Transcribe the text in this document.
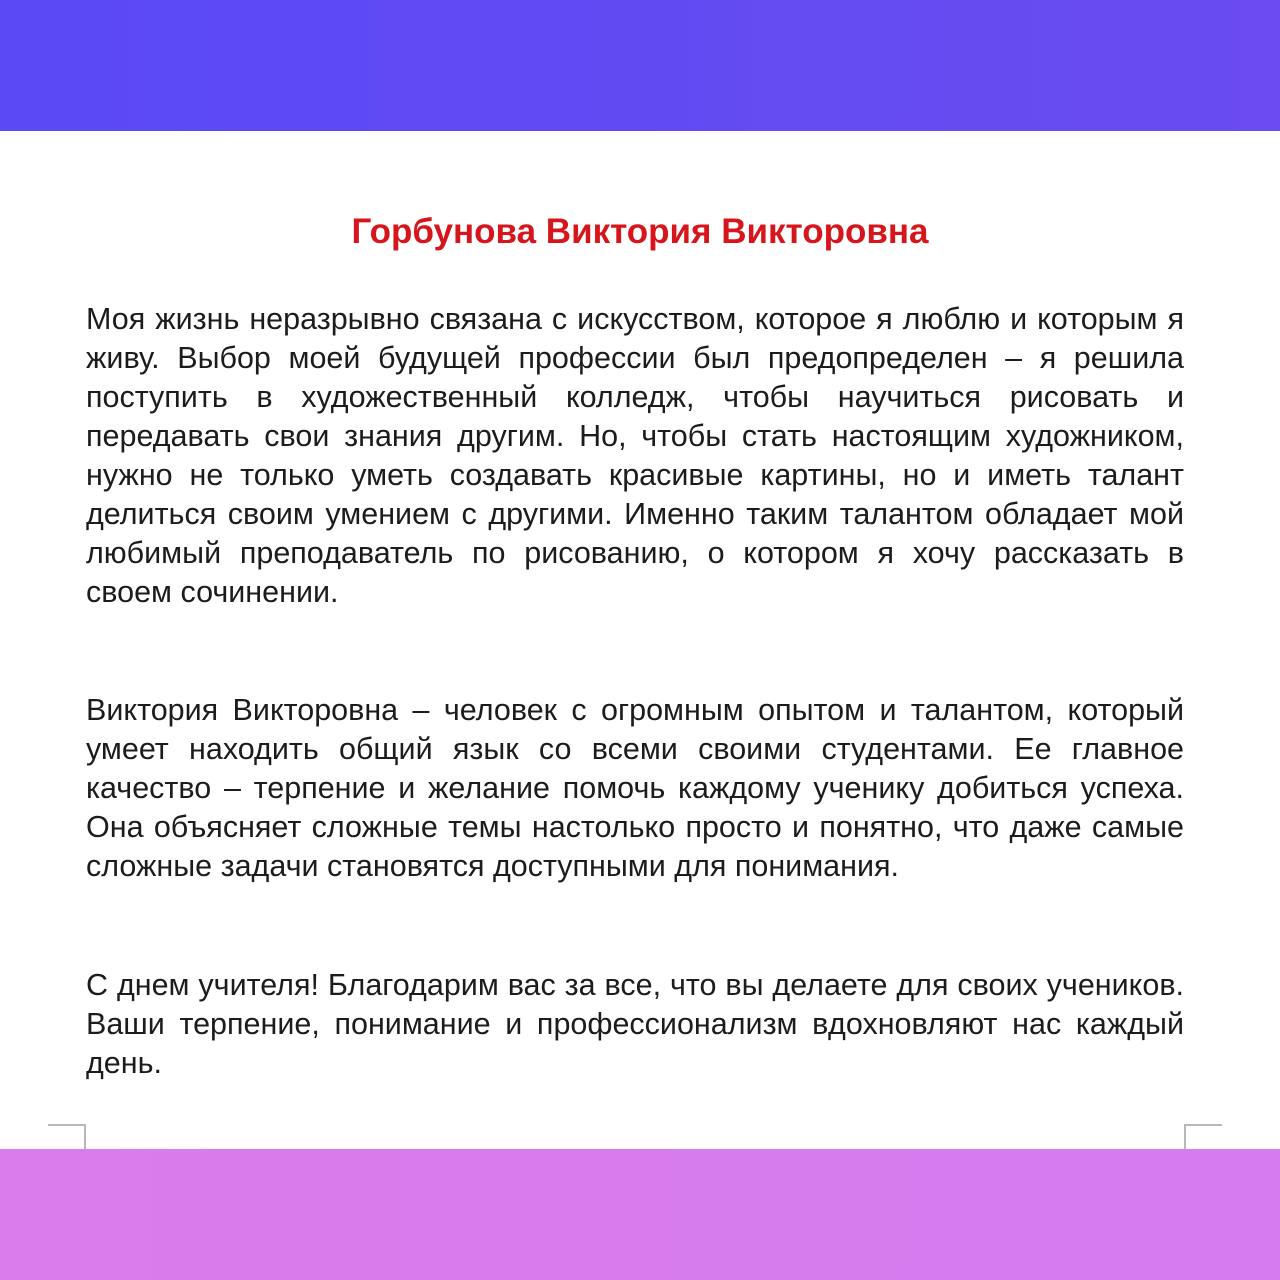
Горбунова Виктория Викторовна

Моя жизнь неразрывно связана с искусством, которое я люблю и которым я живу. Выбор моей будущей профессии был предопределен – я решила поступить в художественный колледж, чтобы научиться рисовать и передавать свои знания другим. Но, чтобы стать настоящим художником, нужно не только уметь создавать красивые картины, но и иметь талант делиться своим умением с другими. Именно таким талантом обладает мой любимый преподаватель по рисованию, о котором я хочу рассказать в своем сочинении.

Виктория Викторовна – человек с огромным опытом и талантом, который умеет находить общий язык со всеми своими студентами. Ее главное качество – терпение и желание помочь каждому ученику добиться успеха. Она объясняет сложные темы настолько просто и понятно, что даже самые сложные задачи становятся доступными для понимания.

С днем учителя! Благодарим вас за все, что вы делаете для своих учеников. Ваши терпение, понимание и профессионализм вдохновляют нас каждый день.
